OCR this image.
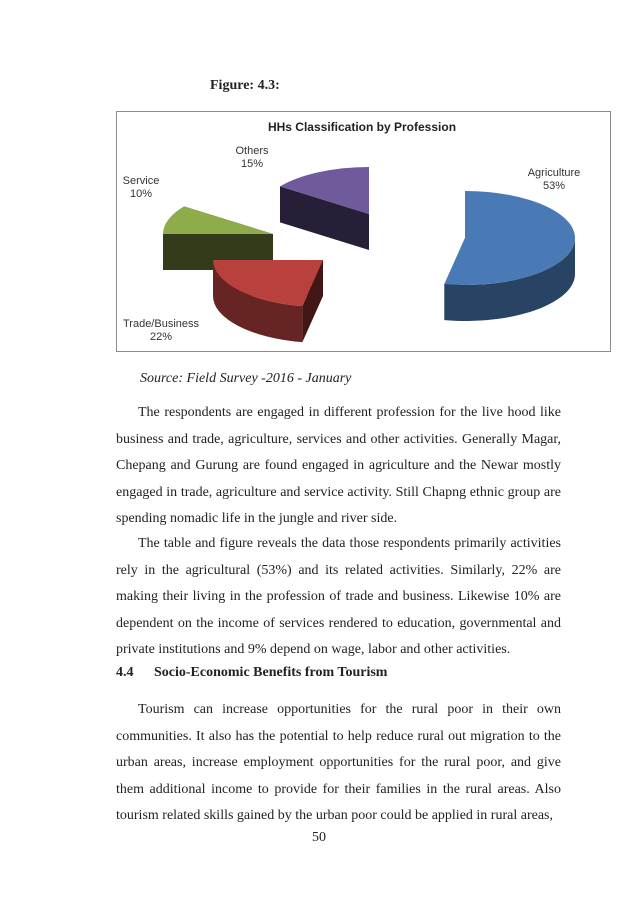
Figure: 4.3:
HHs Classification by Profession
Agriculture
53%
Trade/Business
22%
Service
10%
Others
15%
Source: Field Survey -2016 - January
The respondents are engaged in different profession for the live hood like
business and trade, agriculture, services and other activities. Generally Magar,
Chepang and Gurung are found engaged in agriculture and the Newar mostly
engaged in trade, agriculture and service activity. Still Chapng ethnic group are
spending nomadic life in the jungle and river side.
The table and figure reveals the data those respondents primarily activities
rely in the agricultural (53%) and its related activities. Similarly, 22% are
making their living in the profession of trade and business. Likewise 10% are
dependent on the income of services rendered to education, governmental and
private institutions and 9% depend on wage, labor and other activities.
4.4 Socio-Economic Benefits from Tourism
Tourism can increase opportunities for the rural poor in their own
communities. It also has the potential to help reduce rural out migration to the
urban areas, increase employment opportunities for the rural poor, and give
them additional income to provide for their families in the rural areas. Also
tourism related skills gained by the urban poor could be applied in rural areas,
50
